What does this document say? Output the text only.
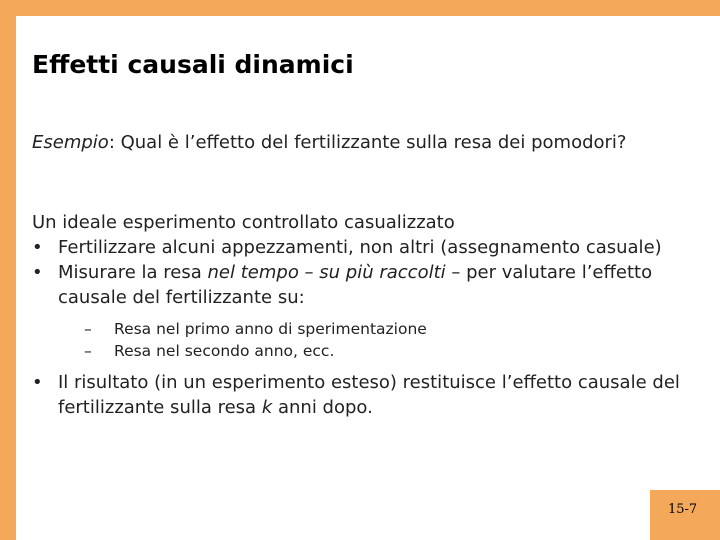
Effetti causali dinamici

Esempio: Qual è l’effetto del fertilizzante sulla resa dei pomodori?

Un ideale esperimento controllato casualizzato

• Fertilizzare alcuni appezzamenti, non altri (assegnamento casuale)
• Misurare la resa nel tempo – su più raccolti – per valutare l’effetto causale del fertilizzante su:
– Resa nel primo anno di sperimentazione
– Resa nel secondo anno, ecc.
• Il risultato (in un esperimento esteso) restituisce l’effetto causale del fertilizzante sulla resa k anni dopo.
15-7
